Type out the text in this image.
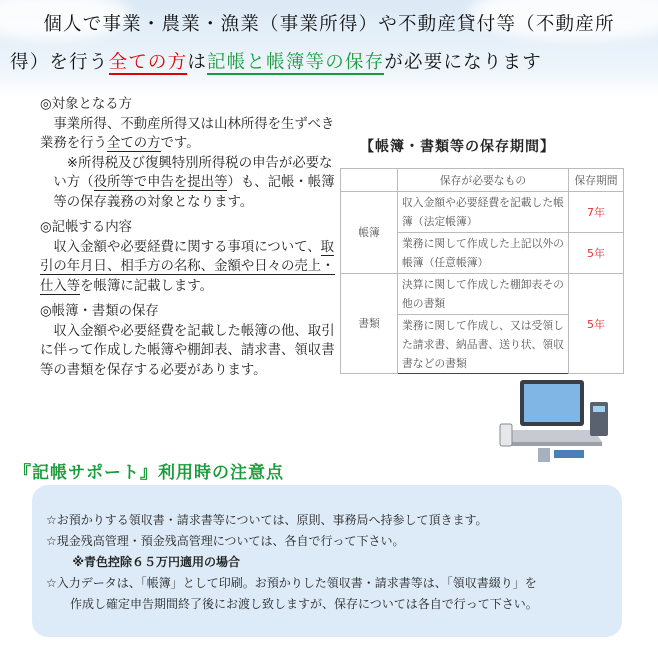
個人で事業・農業・漁業（事業所得）や不動産貸付等（不動産所
得）を行う全ての方は記帳と帳簿等の保存が必要になります

◎対象となる方

事業所得、不動産所得又は山林所得を生ずべき業務を行う全ての方です。

※所得税及び復興特別所得税の申告が必要ない方（役所等で申告を提出等）も、記帳・帳簿等の保存義務の対象となります。

◎記帳する内容

収入金額や必要経費に関する事項について、取引の年月日、相手方の名称、金額や日々の売上・仕入等を帳簿に記載します。

◎帳簿・書類の保存

収入金額や必要経費を記載した帳簿の他、取引に伴って作成した帳簿や棚卸表、請求書、領収書等の書類を保存する必要があります。

【帳簿・書類等の保存期間】
	保存が必要なもの	保存期間
帳簿	収入金額や必要経費を記載した帳簿（法定帳簿）	7年
	業務に関して作成した上記以外の帳簿（任意帳簿）	5年
書類	決算に関して作成した棚卸表その他の書類	5年
	業務に関して作成し、又は受領した請求書、納品書、送り状、領収書などの書類	
『記帳サポート』利用時の注意点

☆お預かりする領収書・請求書等については、原則、事務局へ持参して頂きます。

☆現金残高管理・預金残高管理については、各自で行って下さい。

※青色控除６５万円適用の場合

☆入力データは、「帳簿」として印刷。お預かりした領収書・請求書等は、「領収書綴り」を

作成し確定申告期間終了後にお渡し致しますが、保存については各自で行って下さい。
